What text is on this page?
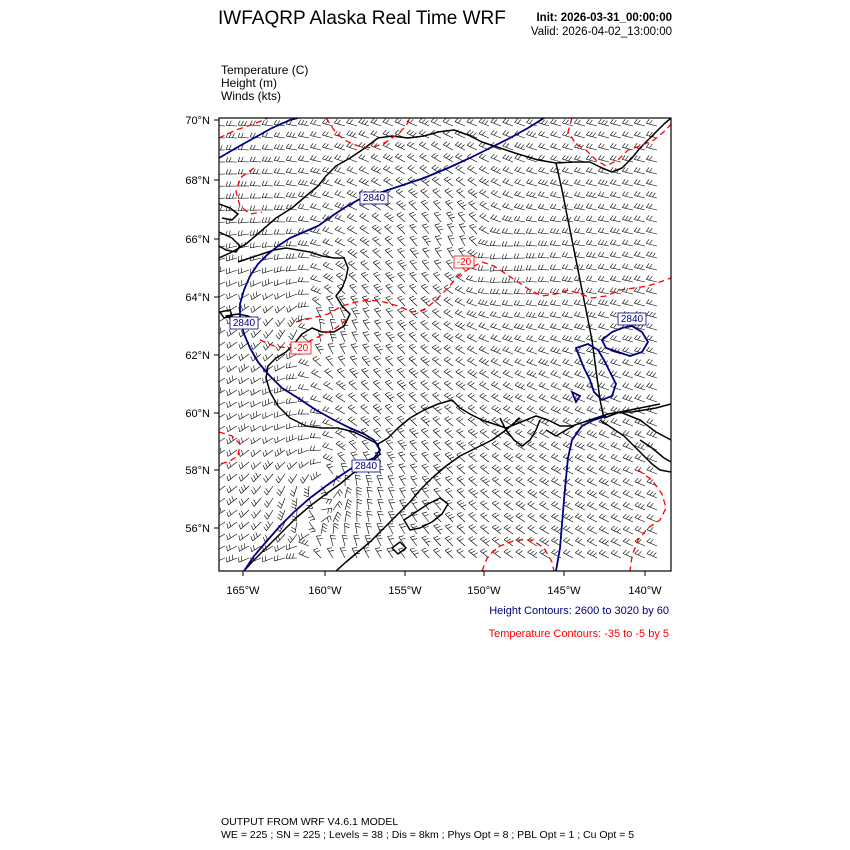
IWFAQRP Alaska Real Time WRF	Init: 2026-03-31_00:00:00
Valid: 2026-04-02_13:00:00
Temperature (C)
Height (m)
Winds (kts)
2840
2840
2840
2840
-20
-20
70°N
68°N
66°N
64°N
62°N
60°N
58°N
56°N
165°W	160°W	155°W	150°W	145°W	140°W
Height Contours: 2600 to 3020 by 60
Temperature Contours: -35 to -5 by 5
OUTPUT FROM WRF V4.6.1 MODEL
WE = 225 ; SN = 225 ; Levels = 38 ; Dis = 8km ; Phys Opt = 8 ; PBL Opt = 1 ; Cu Opt = 5
